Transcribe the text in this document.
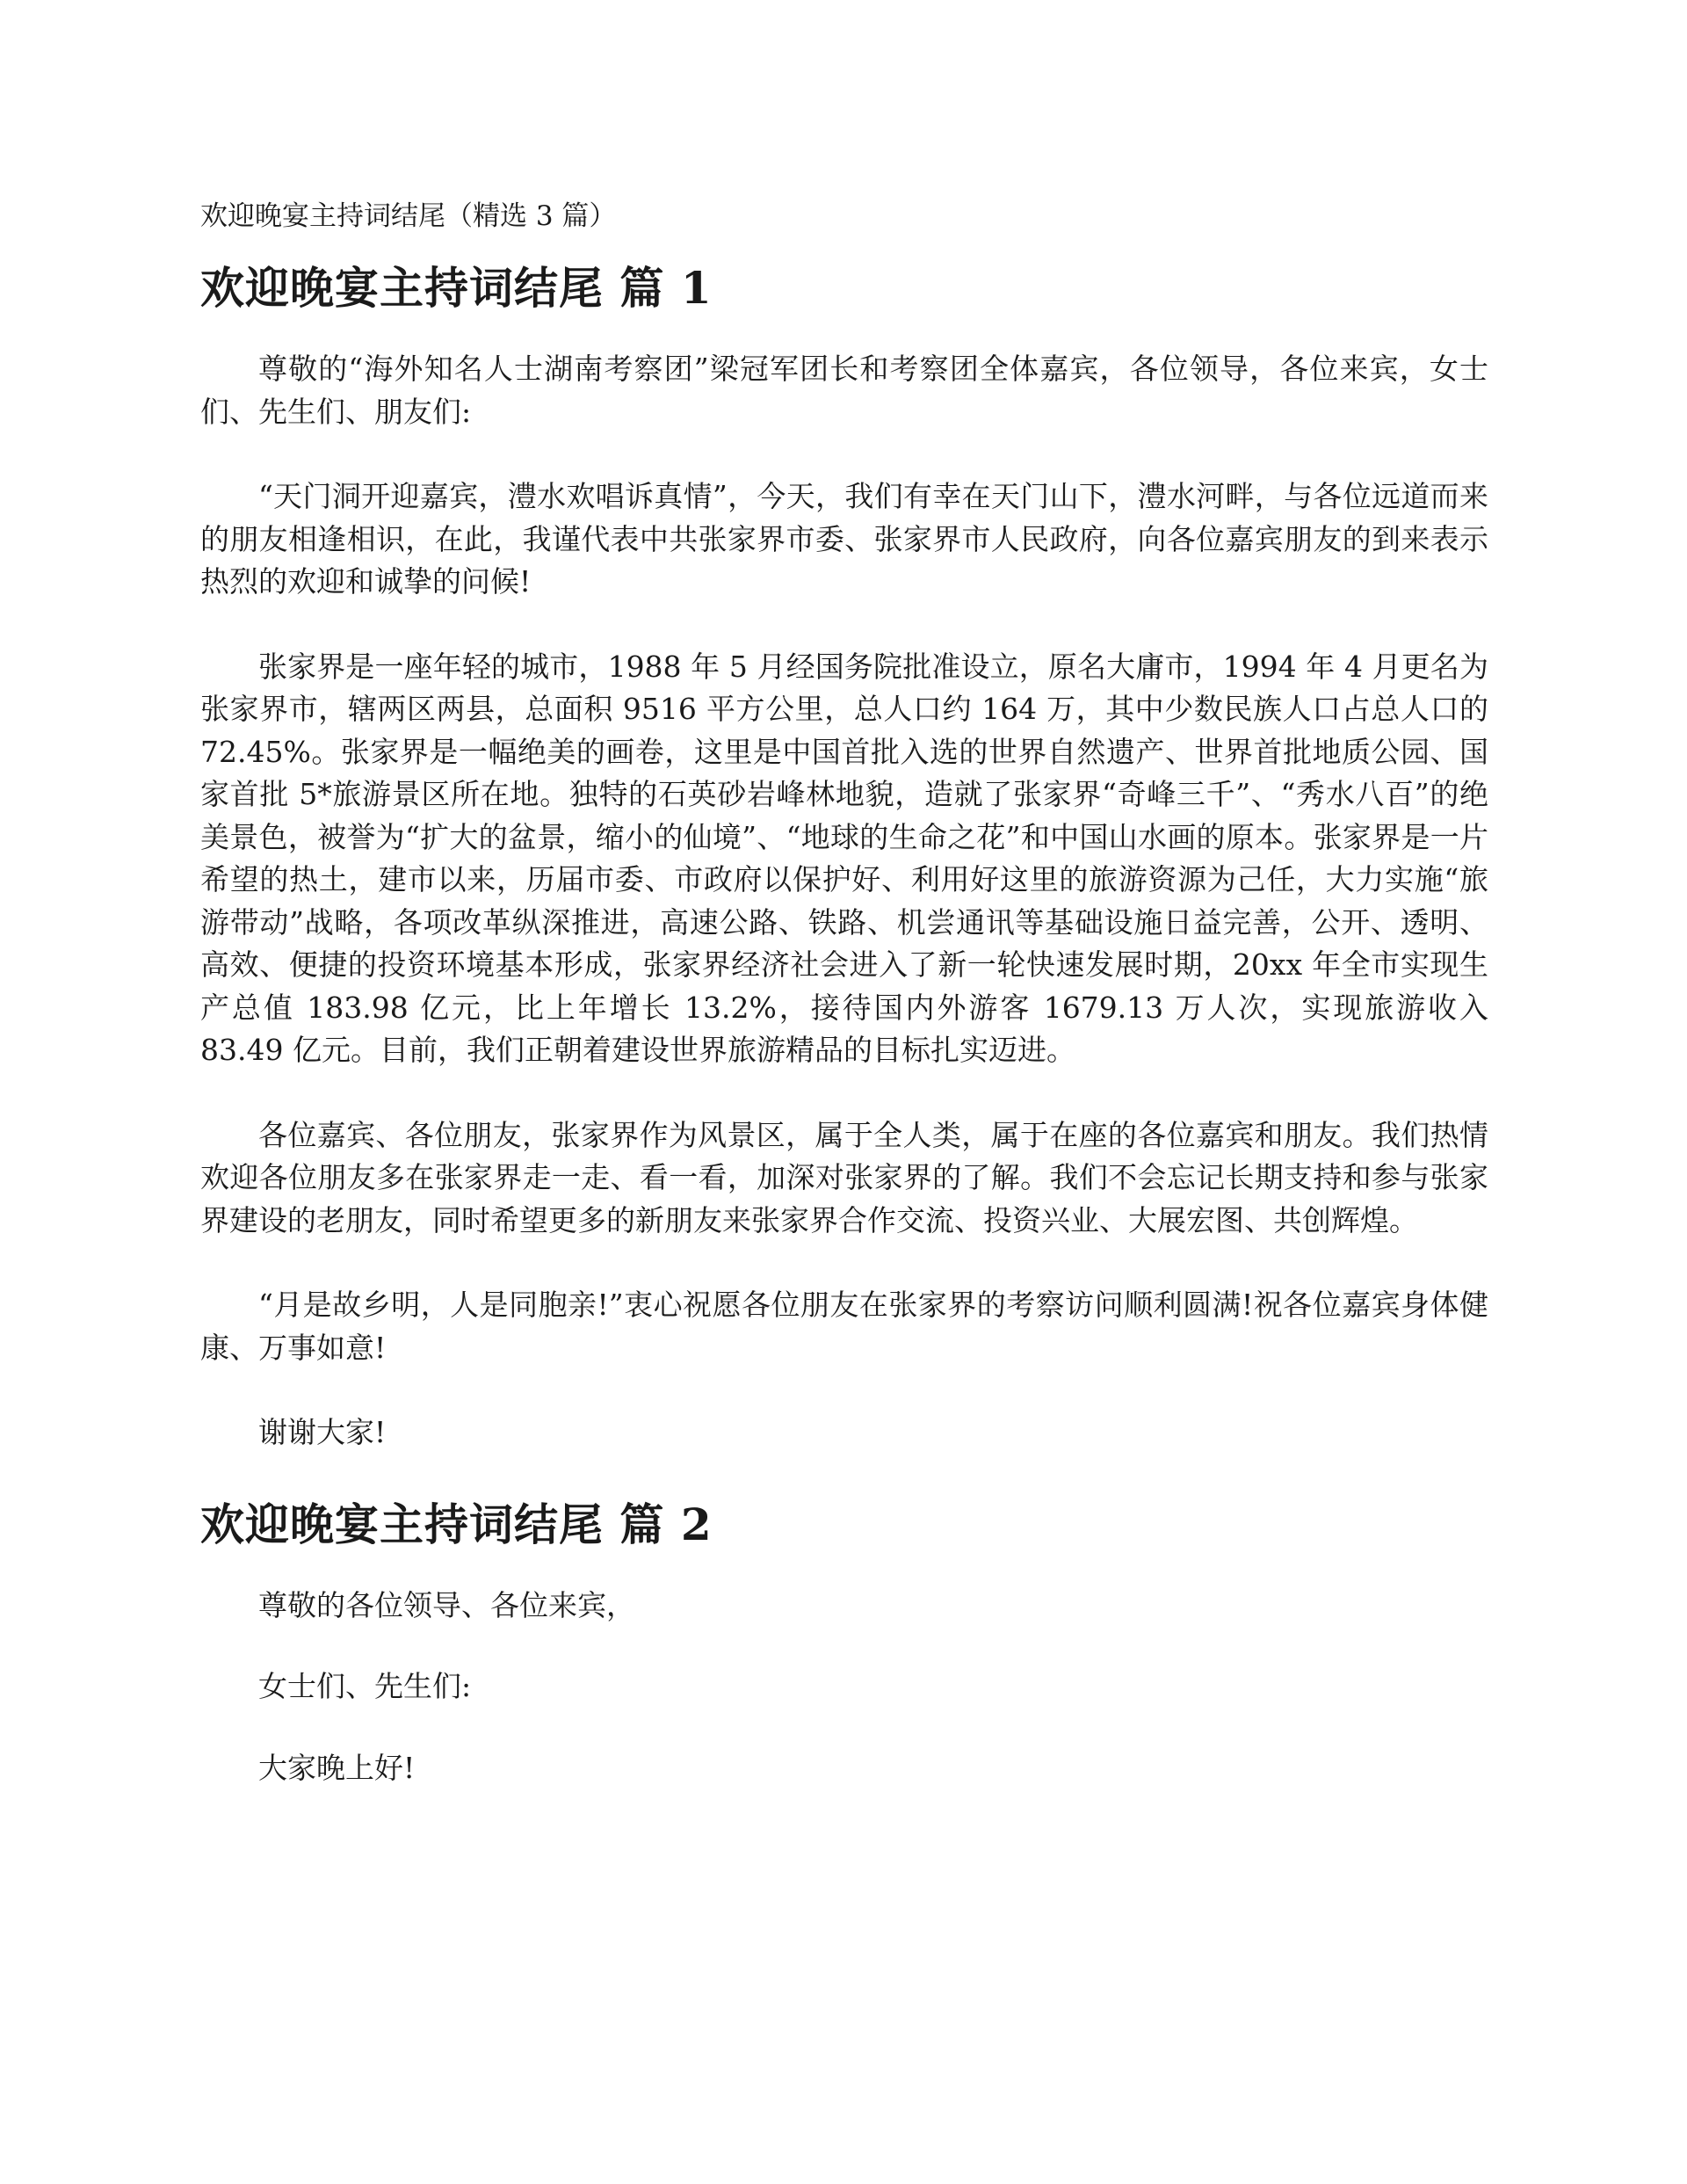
欢迎晚宴主持词结尾（精选 3 篇）
欢迎晚宴主持词结尾 篇 1

尊敬的“海外知名人士湖南考察团”梁冠军团长和考察团全体嘉宾，各位领导，各位来宾，女士们、先生们、朋友们:

“天门洞开迎嘉宾，澧水欢唱诉真情”，今天，我们有幸在天门山下，澧水河畔，与各位远道而来的朋友相逢相识，在此，我谨代表中共张家界市委、张家界市人民政府，向各位嘉宾朋友的到来表示热烈的欢迎和诚挚的问候!

张家界是一座年轻的城市，1988 年 5 月经国务院批准设立，原名大庸市，1994 年 4 月更名为张家界市，辖两区两县，总面积 9516 平方公里，总人口约 164 万，其中少数民族人口占总人口的 72.45%。张家界是一幅绝美的画卷，这里是中国首批入选的世界自然遗产、世界首批地质公园、国家首批 5*旅游景区所在地。独特的石英砂岩峰林地貌，造就了张家界“奇峰三千”、“秀水八百”的绝美景色，被誉为“扩大的盆景，缩小的仙境”、“地球的生命之花”和中国山水画的原本。张家界是一片希望的热土，建市以来，历届市委、市政府以保护好、利用好这里的旅游资源为己任，大力实施“旅游带动”战略，各项改革纵深推进，高速公路、铁路、机尝通讯等基础设施日益完善，公开、透明、高效、便捷的投资环境基本形成，张家界经济社会进入了新一轮快速发展时期，20xx 年全市实现生产总值 183.98 亿元，比上年增长 13.2%，接待国内外游客 1679.13 万人次，实现旅游收入 83.49 亿元。目前，我们正朝着建设世界旅游精品的目标扎实迈进。

各位嘉宾、各位朋友，张家界作为风景区，属于全人类，属于在座的各位嘉宾和朋友。我们热情欢迎各位朋友多在张家界走一走、看一看，加深对张家界的了解。我们不会忘记长期支持和参与张家界建设的老朋友，同时希望更多的新朋友来张家界合作交流、投资兴业、大展宏图、共创辉煌。

“月是故乡明，人是同胞亲!”衷心祝愿各位朋友在张家界的考察访问顺利圆满!祝各位嘉宾身体健康、万事如意!

谢谢大家!

欢迎晚宴主持词结尾 篇 2

尊敬的各位领导、各位来宾，

女士们、先生们:

大家晚上好!
